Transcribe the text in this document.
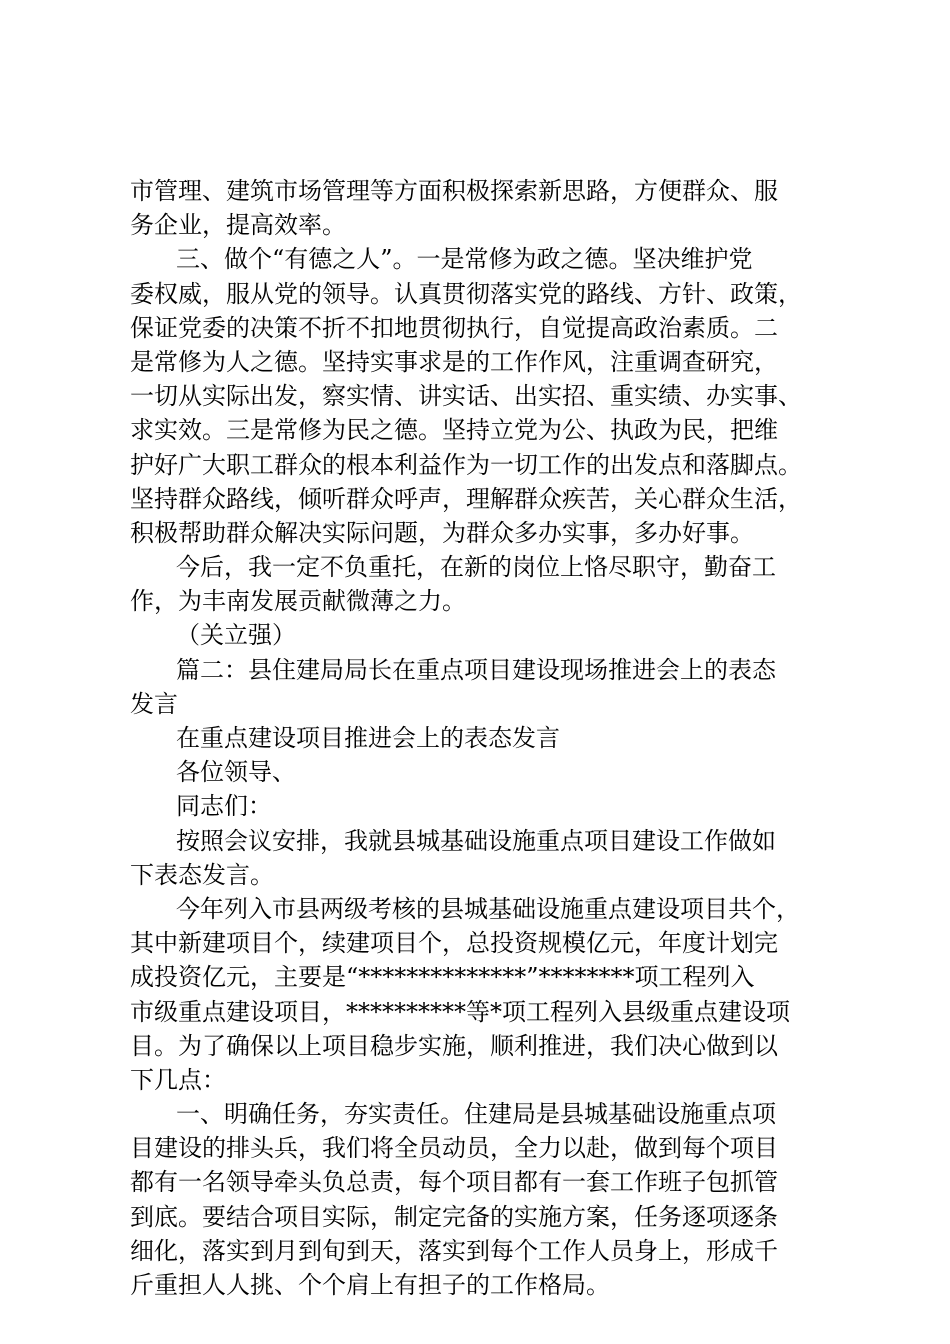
市管理、建筑市场管理等方面积极探索新思路，方便群众、服
务企业，提高效率。
三、做个“有德之人”。一是常修为政之德。坚决维护党
委权威，服从党的领导。认真贯彻落实党的路线、方针、政策，
保证党委的决策不折不扣地贯彻执行，自觉提高政治素质。二
是常修为人之德。坚持实事求是的工作作风，注重调查研究，
一切从实际出发，察实情、讲实话、出实招、重实绩、办实事、
求实效。三是常修为民之德。坚持立党为公、执政为民，把维
护好广大职工群众的根本利益作为一切工作的出发点和落脚点。
坚持群众路线，倾听群众呼声，理解群众疾苦，关心群众生活，
积极帮助群众解决实际问题，为群众多办实事，多办好事。
今后，我一定不负重托，在新的岗位上恪尽职守，勤奋工
作，为丰南发展贡献微薄之力。
（关立强）
篇二：县住建局局长在重点项目建设现场推进会上的表态
发言
在重点建设项目推进会上的表态发言
各位领导、
同志们：
按照会议安排，我就县城基础设施重点项目建设工作做如
下表态发言。
今年列入市县两级考核的县城基础设施重点建设项目共个，
其中新建项目个，续建项目个，总投资规模亿元，年度计划完
成投资亿元，主要是“**************”********项工程列入
市级重点建设项目，**********等*项工程列入县级重点建设项
目。为了确保以上项目稳步实施，顺利推进，我们决心做到以
下几点：
一、明确任务，夯实责任。住建局是县城基础设施重点项
目建设的排头兵，我们将全员动员，全力以赴，做到每个项目
都有一名领导牵头负总责，每个项目都有一套工作班子包抓管
到底。要结合项目实际，制定完备的实施方案，任务逐项逐条
细化，落实到月到旬到天，落实到每个工作人员身上，形成千
斤重担人人挑、个个肩上有担子的工作格局。
